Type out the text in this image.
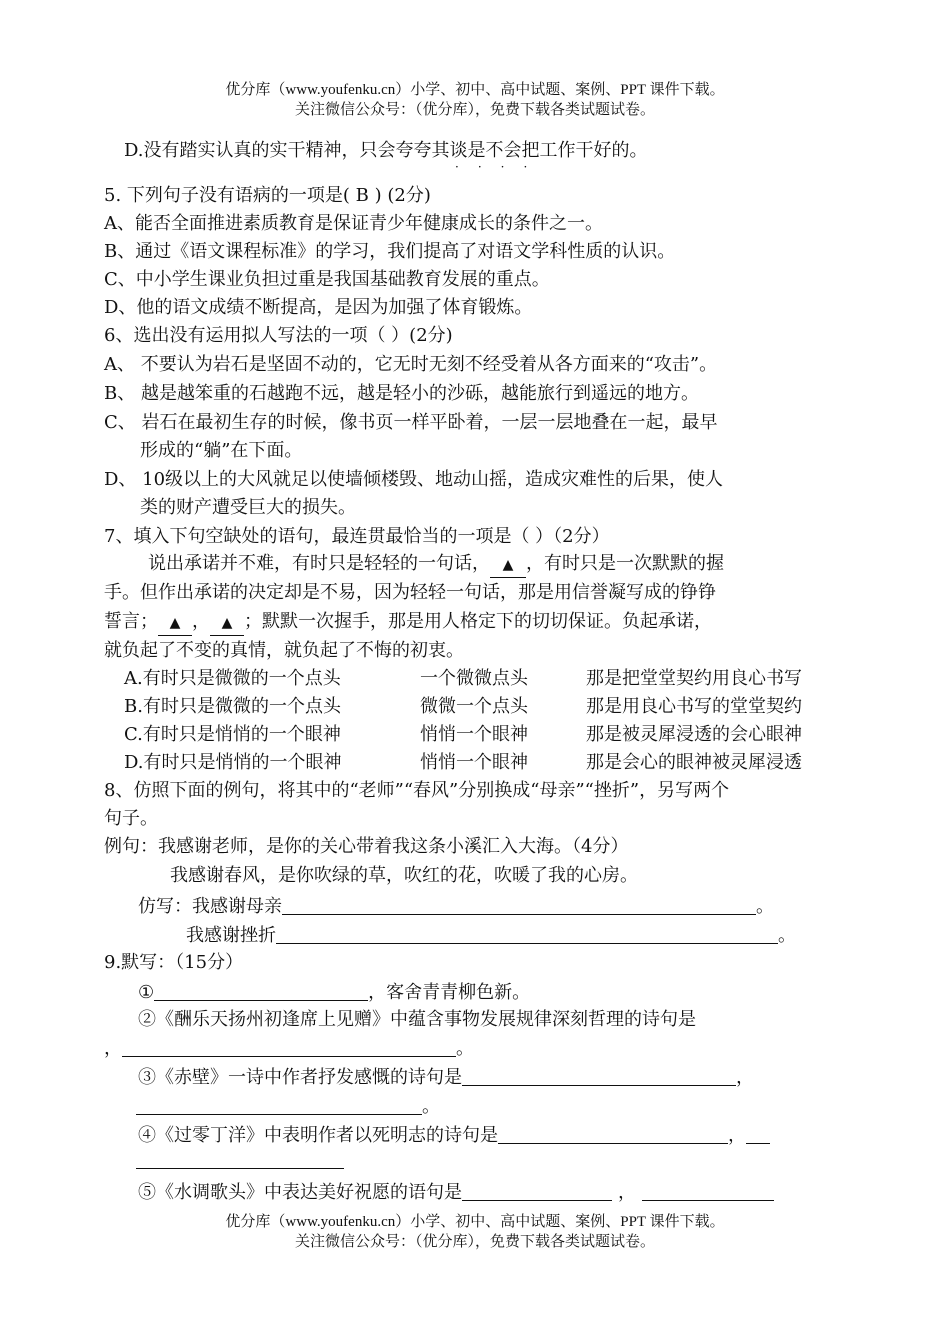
优分库（www.youfenku.cn）小学、初中、高中试题、案例、PPT 课件下载。
关注微信公众号：（优分库），免费下载各类试题试卷。
D.没有踏实认真的实干精神，只会夸夸其谈是不会把工作干好的。
····
5. 下列句子没有语病的一项是( B ) (2分)
A、能否全面推进素质教育是保证青少年健康成长的条件之一。
B、通过《语文课程标准》的学习，我们提高了对语文学科性质的认识。
C、中小学生课业负担过重是我国基础教育发展的重点。
D、他的语文成绩不断提高，是因为加强了体育锻炼。
6、选出没有运用拟人写法的一项（ ）(2分)
A、 不要认为岩石是坚固不动的，它无时无刻不经受着从各方面来的“攻击”。
B、 越是越笨重的石越跑不远，越是轻小的沙砾，越能旅行到遥远的地方。
C、 岩石在最初生存的时候，像书页一样平卧着，一层一层地叠在一起，最早
形成的“躺”在下面。
D、 10级以上的大风就足以使墙倾楼毁、地动山摇，造成灾难性的后果，使人
类的财产遭受巨大的损失。
7、填入下句空缺处的语句，最连贯最恰当的一项是（ ）（2分）
说出承诺并不难，有时只是轻轻的一句话， ▲ ，有时只是一次默默的握
手。但作出承诺的决定却是不易，因为轻轻一句话，那是用信誉凝写成的铮铮
誓言； ▲ ， ▲ ；默默一次握手，那是用人格定下的切切保证。负起承诺，
就负起了不变的真情，就负起了不悔的初衷。
A.有时只是微微的一个点头	一个微微点头	那是把堂堂契约用良心书写
B.有时只是微微的一个点头	微微一个点头	那是用良心书写的堂堂契约
C.有时只是悄悄的一个眼神	悄悄一个眼神	那是被灵犀浸透的会心眼神
D.有时只是悄悄的一个眼神	悄悄一个眼神	那是会心的眼神被灵犀浸透
8、仿照下面的例句，将其中的“老师”“春风”分别换成“母亲”“挫折”，另写两个
句子。
例句：我感谢老师，是你的关心带着我这条小溪汇入大海。（4分）
我感谢春风，是你吹绿的草，吹红的花，吹暖了我的心房。
仿写：我感谢母亲	。
我感谢挫折	。
9.默写：（15分）
①	，客舍青青柳色新。
②《酬乐天扬州初逢席上见赠》中蕴含事物发展规律深刻哲理的诗句是
，	。
③《赤壁》一诗中作者抒发感慨的诗句是	，
。
④《过零丁洋》中表明作者以死明志的诗句是	，
⑤《水调歌头》中表达美好祝愿的语句是	，
优分库（www.youfenku.cn）小学、初中、高中试题、案例、PPT 课件下载。
关注微信公众号：（优分库），免费下载各类试题试卷。
